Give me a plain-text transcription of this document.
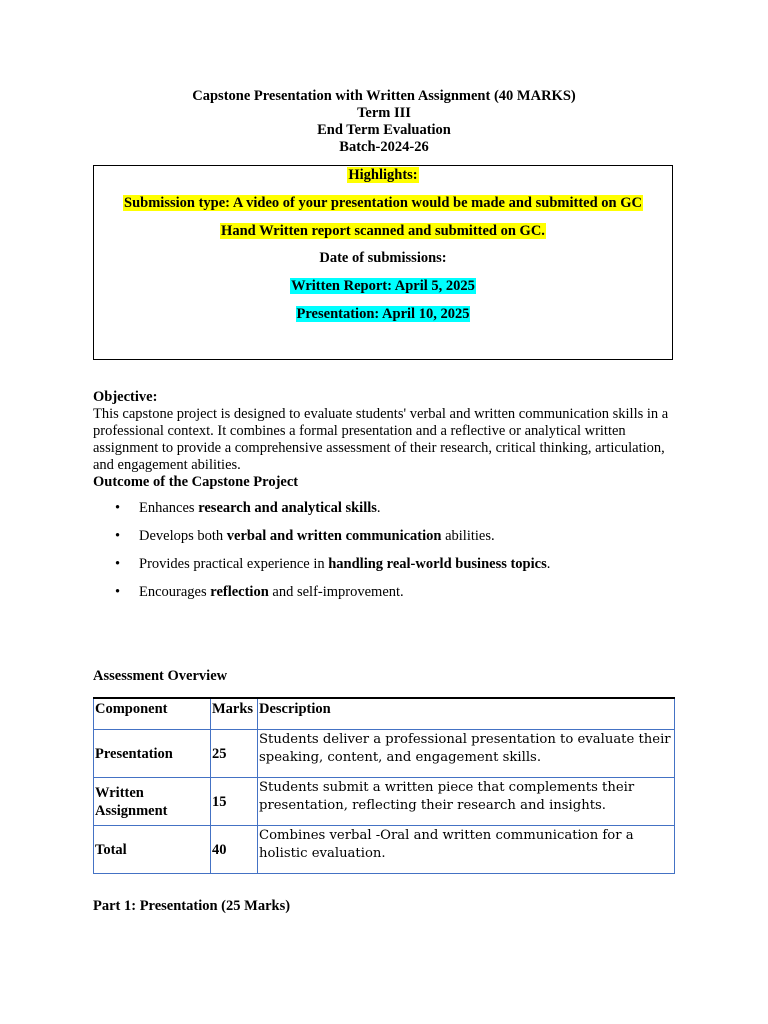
Capstone Presentation with Written Assignment (40 MARKS)
Term III
End Term Evaluation
Batch-2024-26
Highlights:
Submission type: A video of your presentation would be made and submitted on GC
Hand Written report scanned and submitted on GC.
Date of submissions:
Written Report: April 5, 2025
Presentation: April 10, 2025
Objective:
This capstone project is designed to evaluate students' verbal and written communication skills in a professional context. It combines a formal presentation and a reflective or analytical written assignment to provide a comprehensive assessment of their research, critical thinking, articulation, and engagement abilities.
Outcome of the Capstone Project
• Enhances research and analytical skills.
• Develops both verbal and written communication abilities.
• Provides practical experience in handling real-world business topics.
• Encourages reflection and self-improvement.
Assessment Overview
Component	Marks	Description
Presentation	25	Students deliver a professional presentation to evaluate their speaking, content, and engagement skills.
Written Assignment	15	Students submit a written piece that complements their presentation, reflecting their research and insights.
Total	40	Combines verbal -Oral and written communication for a holistic evaluation.
Part 1: Presentation (25 Marks)
